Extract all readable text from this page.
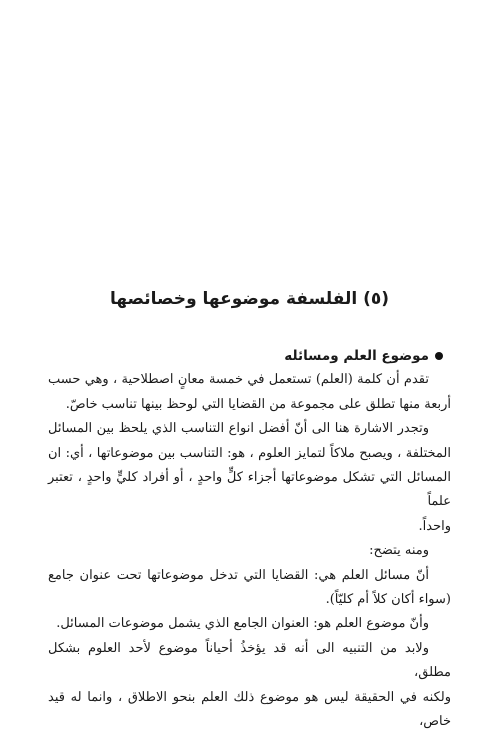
(٥) الفلسفة موضوعها وخصائصها
موضوع العلم ومسائله

تقدم أن كلمة (العلم) تستعمل في خمسة معانٍ اصطلاحية ، وهي حسب
أربعة منها تطلق على مجموعة من القضايا التي لوحظ بينها تناسب خاصّ.

وتجدر الاشارة هنا الى أنّ أفضل انواع التناسب الذي يلحظ بين المسائل
المختلفة ، ويصبح ملاكاً لتمايز العلوم ، هو: التناسب بين موضوعاتها ، أي: ان
المسائل التي تشكل موضوعاتها أجزاء كلٍّ واحدٍ ، أو أفراد كليٍّ واحدٍ ، تعتبر علماً
واحداً.

ومنه يتضح:

أنّ مسائل العلم هي: القضايا التي تدخل موضوعاتها تحت عنوان جامع
(سواء أكان كلاً أم كليّاً).

وأنّ موضوع العلم هو: العنوان الجامع الذي يشمل موضوعات المسائل.

ولابد من التنبيه الى أنه قد يؤخذُ أحياناً موضوع لأحد العلوم بشكل مطلق،
ولكنه في الحقيقة ليس هو موضوع ذلك العلم بنحو الاطلاق ، وانما له قيد خاص،
